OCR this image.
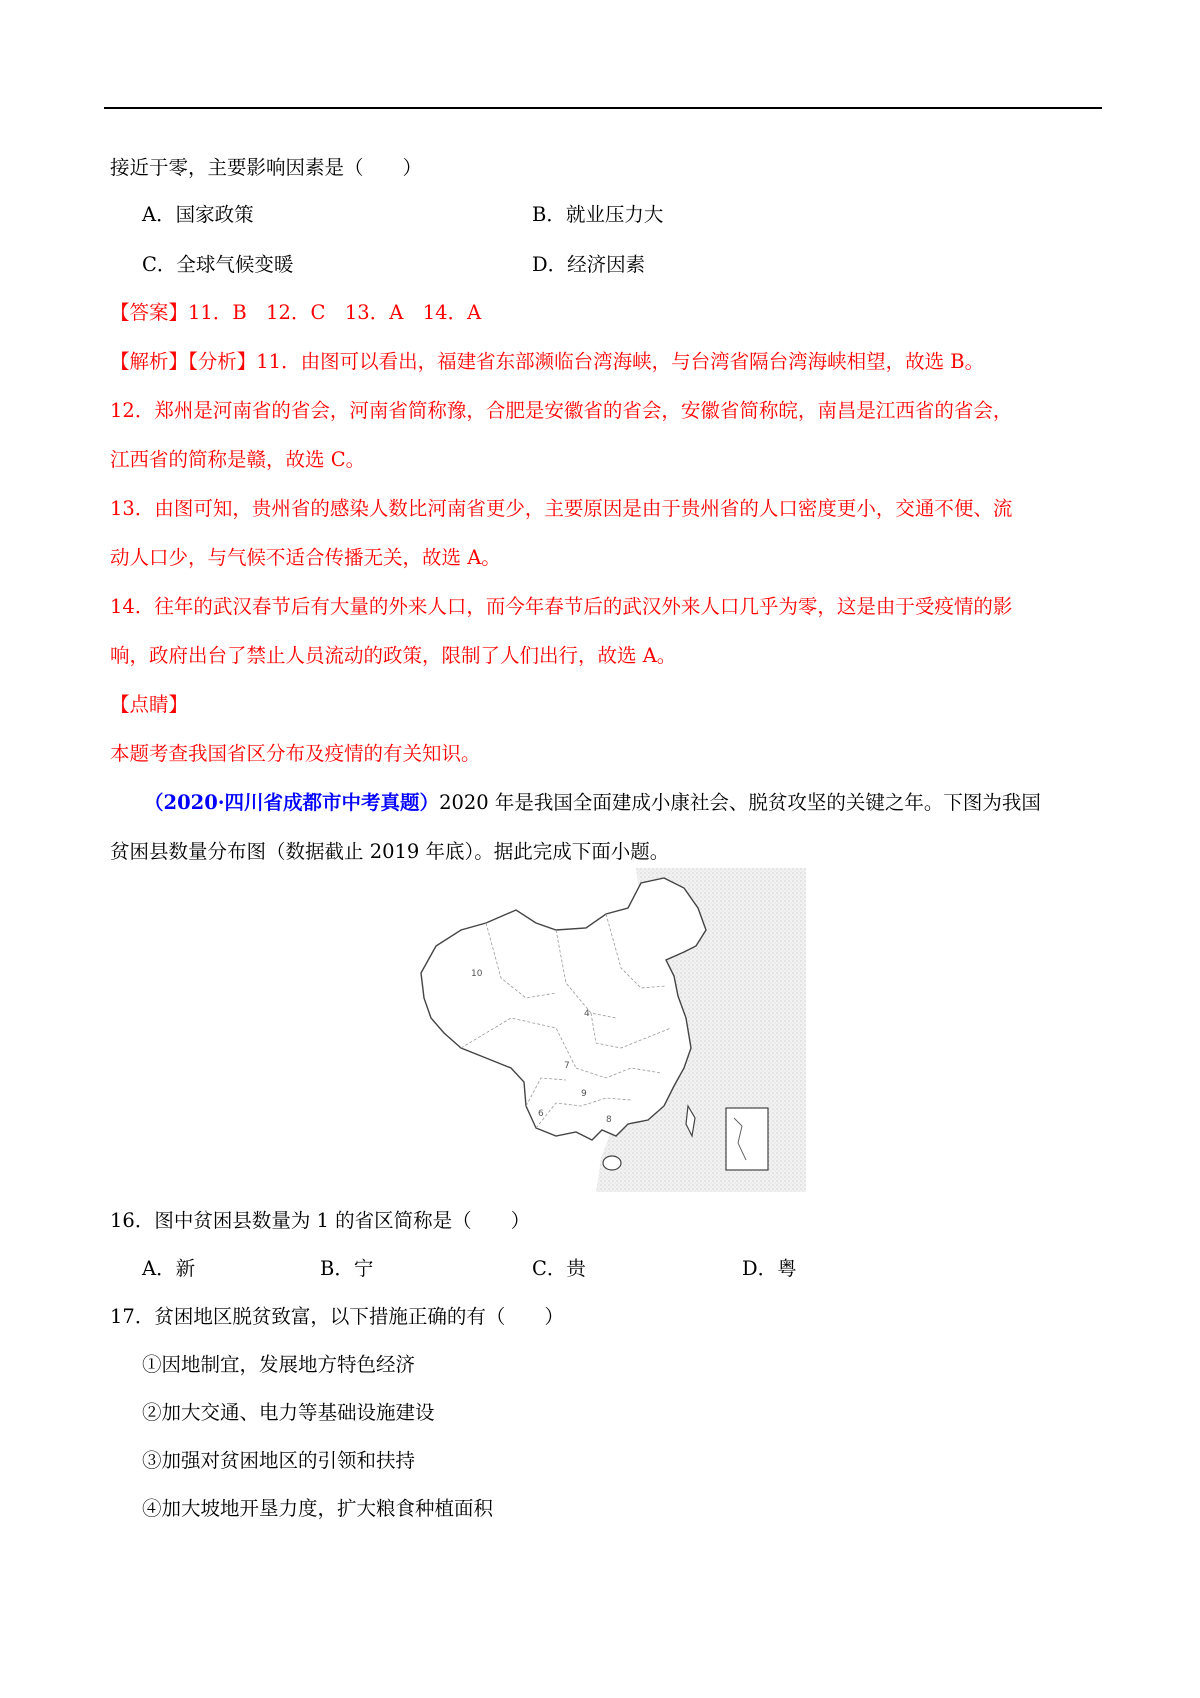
接近于零，主要影响因素是（　　）
A．国家政策	B．就业压力大
C．全球气候变暖	D．经济因素
【答案】11．B　12．C　13．A　14．A
【解析】【分析】11．由图可以看出，福建省东部濒临台湾海峡，与台湾省隔台湾海峡相望，故选 B。
12．郑州是河南省的省会，河南省简称豫，合肥是安徽省的省会，安徽省简称皖，南昌是江西省的省会，
江西省的简称是赣，故选 C。
13．由图可知，贵州省的感染人数比河南省更少，主要原因是由于贵州省的人口密度更小，交通不便、流
动人口少，与气候不适合传播无关，故选 A。
14．往年的武汉春节后有大量的外来人口，而今年春节后的武汉外来人口几乎为零，这是由于受疫情的影
响，政府出台了禁止人员流动的政策，限制了人们出行，故选 A。
【点睛】
本题考查我国省区分布及疫情的有关知识。
（2020·四川省成都市中考真题）2020 年是我国全面建成小康社会、脱贫攻坚的关键之年。下图为我国
贫困县数量分布图（数据截止 2019 年底）。据此完成下面小题。
10
4
7
9
6
8
16．图中贫困县数量为 1 的省区简称是（　　）
A．新	B．宁	C．贵	D．粤
17．贫困地区脱贫致富，以下措施正确的有（　　）
①因地制宜，发展地方特色经济
②加大交通、电力等基础设施建设
③加强对贫困地区的引领和扶持
④加大坡地开垦力度，扩大粮食种植面积
